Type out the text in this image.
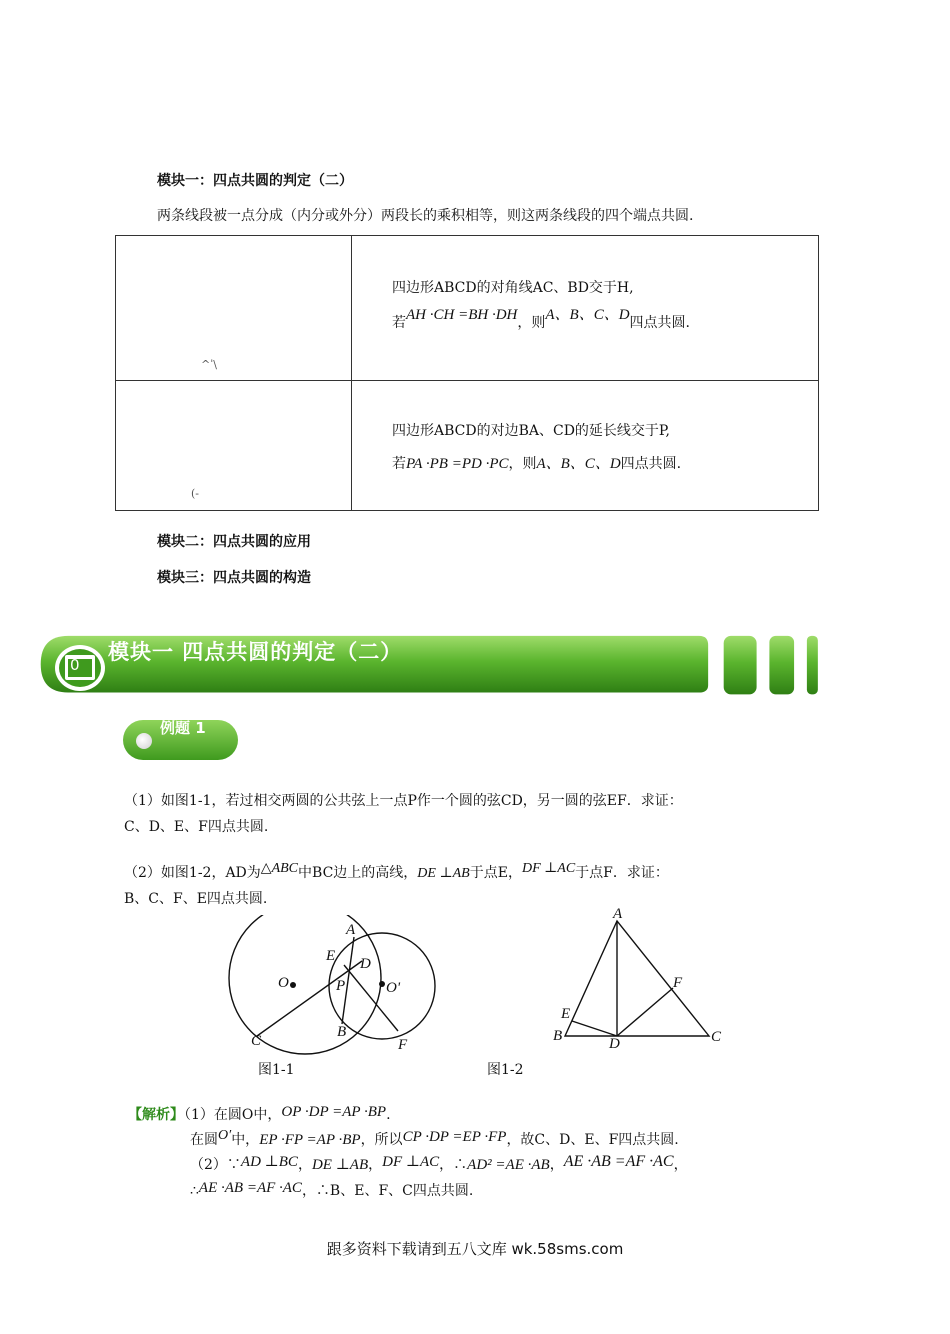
模块一：四点共圆的判定（二）
两条线段被一点分成（内分或外分）两段长的乘积相等，则这两条线段的四个端点共圆.
^ˈ\	四边形ABCD的对角线AC、BD交于H,
若AH ·CH =BH ·DH，则A、B、C、D四点共圆.

(-	四边形ABCD的对边BA、CD的延长线交于P,
若PA ·PB =PD ·PC，则A、B、C、D四点共圆.
模块二：四点共圆的应用
模块三：四点共圆的构造
0
模块一 四点共圆的判定（二）
例题 1
（1）如图1-1，若过相交两圆的公共弦上一点P作一个圆的弦CD，另一圆的弦EF．求证：
C、D、E、F四点共圆.
（2）如图1-2，AD为△ABC中BC边上的高线，DE ⊥AB于点E，DF ⊥AC于点F．求证：
B、C、F、E四点共圆.
A
E D
O	P	O'
B
C	F
图1-1
A
F
E
B	D	C
图1-2
【解析】（1）在圆O中，OP ·DP =AP ·BP.
在圆O′中，EP ·FP =AP ·BP，所以CP ·DP =EP ·FP，故C、D、E、F四点共圆.
（2）∵AD ⊥BC，DE ⊥AB，DF ⊥AC，∴AD² =AE ·AB，AE ·AB =AF ·AC，
∴AE ·AB =AF ·AC，∴B、E、F、C四点共圆.
跟多资料下载请到五八文库 wk.58sms.com
